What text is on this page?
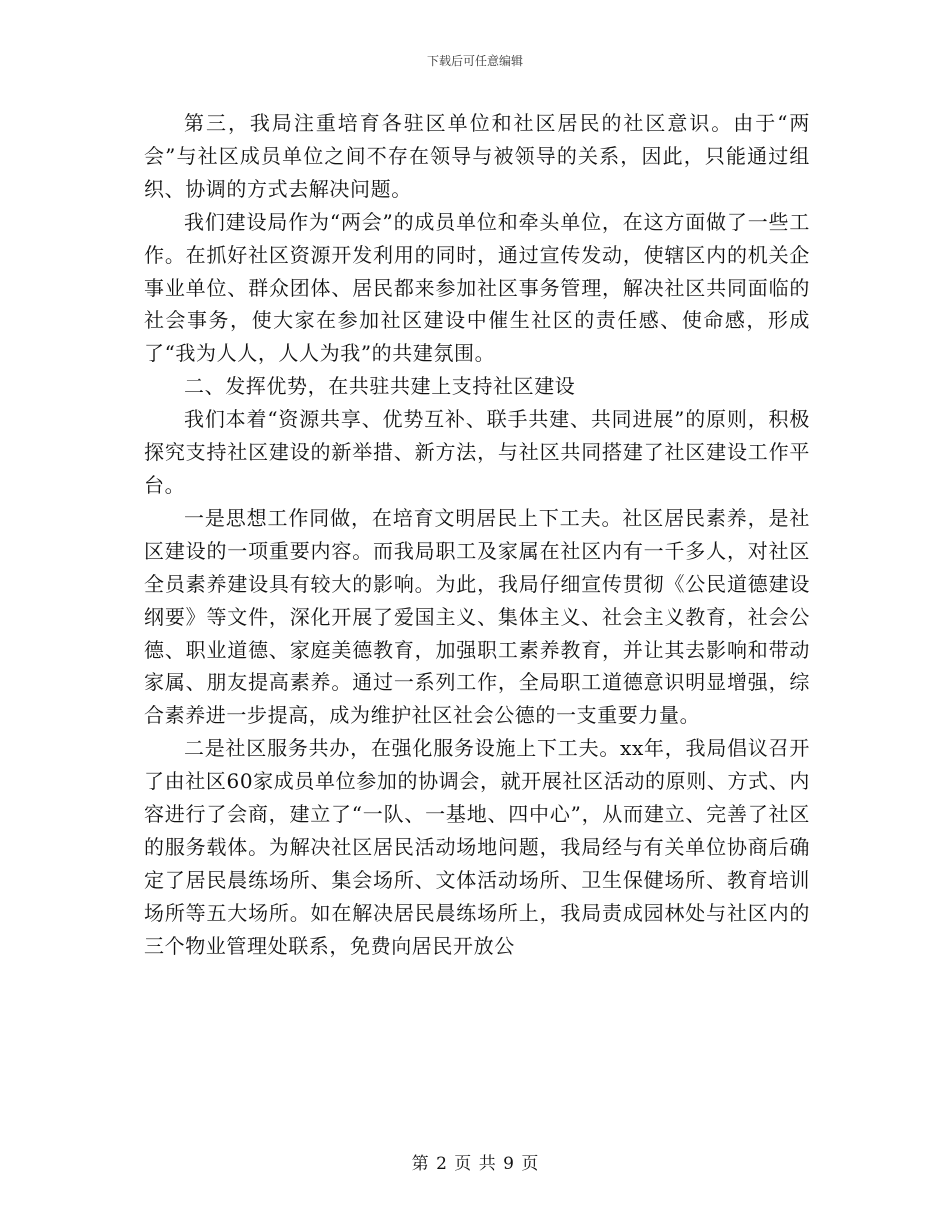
下载后可任意编辑

第三，我局注重培育各驻区单位和社区居民的社区意识。由于“两会”与社区成员单位之间不存在领导与被领导的关系，因此，只能通过组织、协调的方式去解决问题。

我们建设局作为“两会”的成员单位和牵头单位，在这方面做了一些工作。在抓好社区资源开发利用的同时，通过宣传发动，使辖区内的机关企事业单位、群众团体、居民都来参加社区事务管理，解决社区共同面临的社会事务，使大家在参加社区建设中催生社区的责任感、使命感，形成了“我为人人，人人为我”的共建氛围。

二、发挥优势，在共驻共建上支持社区建设

我们本着“资源共享、优势互补、联手共建、共同进展”的原则，积极探究支持社区建设的新举措、新方法，与社区共同搭建了社区建设工作平台。

一是思想工作同做，在培育文明居民上下工夫。社区居民素养，是社区建设的一项重要内容。而我局职工及家属在社区内有一千多人，对社区全员素养建设具有较大的影响。为此，我局仔细宣传贯彻《公民道德建设纲要》等文件，深化开展了爱国主义、集体主义、社会主义教育，社会公德、职业道德、家庭美德教育，加强职工素养教育，并让其去影响和带动家属、朋友提高素养。通过一系列工作，全局职工道德意识明显增强，综合素养进一步提高，成为维护社区社会公德的一支重要力量。

二是社区服务共办，在强化服务设施上下工夫。xx年，我局倡议召开了由社区60家成员单位参加的协调会，就开展社区活动的原则、方式、内容进行了会商，建立了“一队、一基地、四中心”，从而建立、完善了社区的服务载体。为解决社区居民活动场地问题，我局经与有关单位协商后确定了居民晨练场所、集会场所、文体活动场所、卫生保健场所、教育培训场所等五大场所。如在解决居民晨练场所上，我局责成园林处与社区内的三个物业管理处联系，免费向居民开放公

第 2 页 共 9 页
